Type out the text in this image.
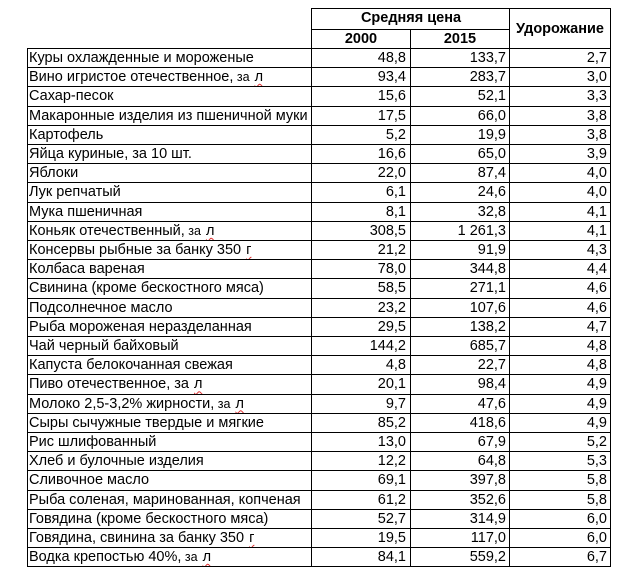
Средняя цена
2000	2015
Удорожание
Куры охлажденные и мороженые	48,8	133,7	2,7
Вино игристое отечественное, за л	93,4	283,7	3,0
Сахар-песок	15,6	52,1	3,3
Макаронные изделия из пшеничной муки	17,5	66,0	3,8
Картофель	5,2	19,9	3,8
Яйца куриные, за 10 шт.	16,6	65,0	3,9
Яблоки	22,0	87,4	4,0
Лук репчатый	6,1	24,6	4,0
Мука пшеничная	8,1	32,8	4,1
Коньяк отечественный, за л	308,5	1 261,3	4,1
Консервы рыбные за банку 350 г	21,2	91,9	4,3
Колбаса вареная	78,0	344,8	4,4
Свинина (кроме бескостного мяса)	58,5	271,1	4,6
Подсолнечное масло	23,2	107,6	4,6
Рыба мороженая неразделанная	29,5	138,2	4,7
Чай черный байховый	144,2	685,7	4,8
Капуста белокочанная свежая	4,8	22,7	4,8
Пиво отечественное, за л	20,1	98,4	4,9
Молоко 2,5-3,2% жирности, за л	9,7	47,6	4,9
Сыры сычужные твердые и мягкие	85,2	418,6	4,9
Рис шлифованный	13,0	67,9	5,2
Хлеб и булочные изделия	12,2	64,8	5,3
Сливочное масло	69,1	397,8	5,8
Рыба соленая, маринованная, копченая	61,2	352,6	5,8
Говядина (кроме бескостного мяса)	52,7	314,9	6,0
Говядина, свинина за банку 350 г	19,5	117,0	6,0
Водка крепостью 40%, за л	84,1	559,2	6,7
